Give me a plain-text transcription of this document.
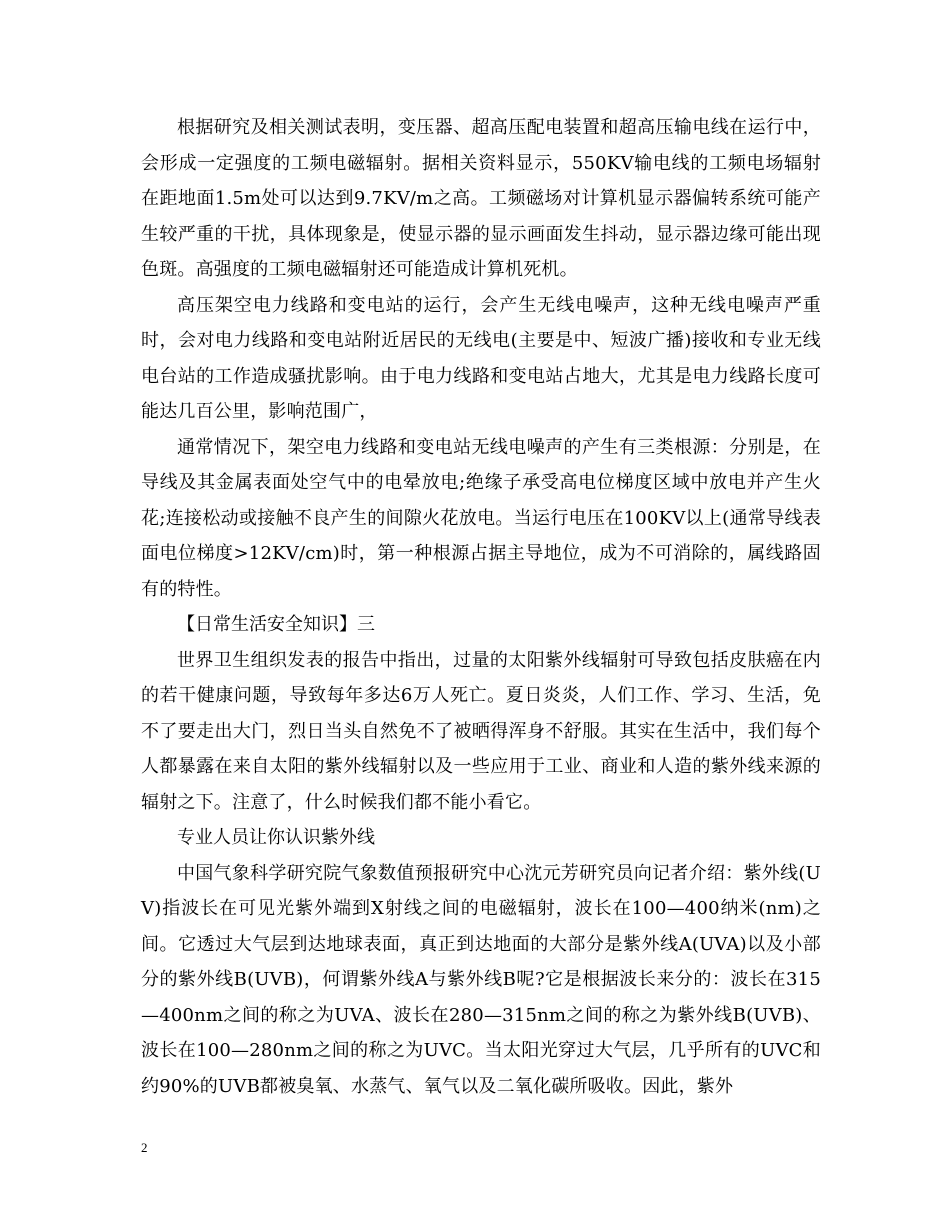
根据研究及相关测试表明，变压器、超高压配电装置和超高压输电线在运行中，会形成一定强度的工频电磁辐射。据相关资料显示，550KV输电线的工频电场辐射在距地面1.5m处可以达到9.7KV/m之高。工频磁场对计算机显示器偏转系统可能产生较严重的干扰，具体现象是，使显示器的显示画面发生抖动，显示器边缘可能出现色斑。高强度的工频电磁辐射还可能造成计算机死机。

高压架空电力线路和变电站的运行，会产生无线电噪声，这种无线电噪声严重时，会对电力线路和变电站附近居民的无线电(主要是中、短波广播)接收和专业无线电台站的工作造成骚扰影响。由于电力线路和变电站占地大，尤其是电力线路长度可能达几百公里，影响范围广，

通常情况下，架空电力线路和变电站无线电噪声的产生有三类根源：分别是，在导线及其金属表面处空气中的电晕放电;绝缘子承受高电位梯度区域中放电并产生火花;连接松动或接触不良产生的间隙火花放电。当运行电压在100KV以上(通常导线表面电位梯度>12KV/cm)时，第一种根源占据主导地位，成为不可消除的，属线路固有的特性。

【日常生活安全知识】三

世界卫生组织发表的报告中指出，过量的太阳紫外线辐射可导致包括皮肤癌在内的若干健康问题，导致每年多达6万人死亡。夏日炎炎，人们工作、学习、生活，免不了要走出大门，烈日当头自然免不了被晒得浑身不舒服。其实在生活中，我们每个人都暴露在来自太阳的紫外线辐射以及一些应用于工业、商业和人造的紫外线来源的辐射之下。注意了，什么时候我们都不能小看它。

专业人员让你认识紫外线

中国气象科学研究院气象数值预报研究中心沈元芳研究员向记者介绍：紫外线(UV)指波长在可见光紫外端到X射线之间的电磁辐射，波长在100—400纳米(nm)之间。它透过大气层到达地球表面，真正到达地面的大部分是紫外线A(UVA)以及小部分的紫外线B(UVB)，何谓紫外线A与紫外线B呢?它是根据波长来分的：波长在315—400nm之间的称之为UVA、波长在280—315nm之间的称之为紫外线B(UVB)、波长在100—280nm之间的称之为UVC。当太阳光穿过大气层，几乎所有的UVC和约90%的UVB都被臭氧、水蒸气、氧气以及二氧化碳所吸收。因此，紫外

2
